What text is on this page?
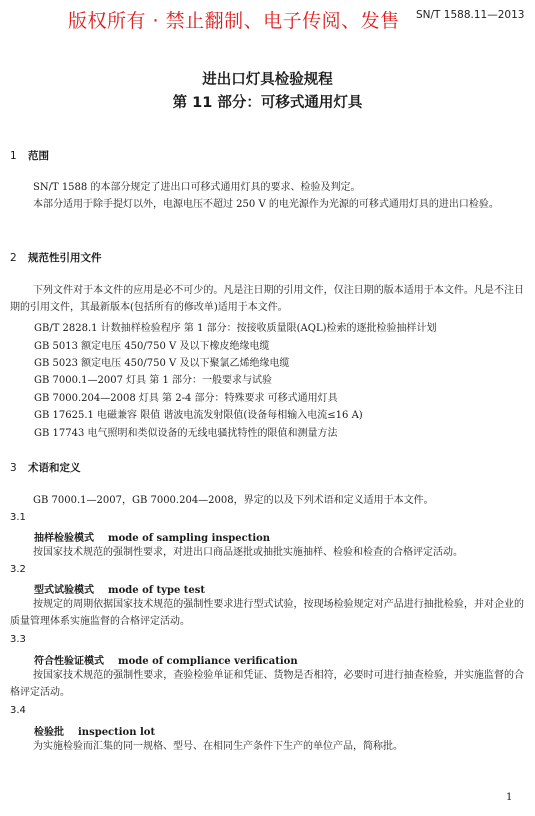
SN/T 1588.11—2013
版权所有 · 禁止翻制、电子传阅、发售
进出口灯具检验规程
第 11 部分：可移式通用灯具
1 范围

SN/T 1588 的本部分规定了进出口可移式通用灯具的要求、检验及判定。

本部分适用于除手提灯以外，电源电压不超过 250 V 的电光源作为光源的可移式通用灯具的进出口检验。

2 规范性引用文件

下列文件对于本文件的应用是必不可少的。凡是注日期的引用文件，仅注日期的版本适用于本文件。凡是不注日期的引用文件，其最新版本(包括所有的修改单)适用于本文件。

GB/T 2828.1 计数抽样检验程序 第 1 部分：按接收质量限(AQL)检索的逐批检验抽样计划
GB 5013 额定电压 450/750 V 及以下橡皮绝缘电缆
GB 5023 额定电压 450/750 V 及以下聚氯乙烯绝缘电缆
GB 7000.1—2007 灯具 第 1 部分：一般要求与试验
GB 7000.204—2008 灯具 第 2-4 部分：特殊要求 可移式通用灯具
GB 17625.1 电磁兼容 限值 谐波电流发射限值(设备每相输入电流≤16 A)
GB 17743 电气照明和类似设备的无线电骚扰特性的限值和测量方法
3 术语和定义

GB 7000.1—2007，GB 7000.204—2008，界定的以及下列术语和定义适用于本文件。

3.1
抽样检验模式 mode of sampling inspection

按国家技术规范的强制性要求，对进出口商品逐批或抽批实施抽样、检验和检查的合格评定活动。

3.2
型式试验模式 mode of type test

按规定的周期依据国家技术规范的强制性要求进行型式试验，按现场检验规定对产品进行抽批检验，并对企业的质量管理体系实施监督的合格评定活动。

3.3
符合性验证模式 mode of compliance verification

按国家技术规范的强制性要求，查验检验单证和凭证、货物是否相符，必要时可进行抽查检验，并实施监督的合格评定活动。

3.4
检验批 inspection lot

为实施检验而汇集的同一规格、型号、在相同生产条件下生产的单位产品，简称批。

1
